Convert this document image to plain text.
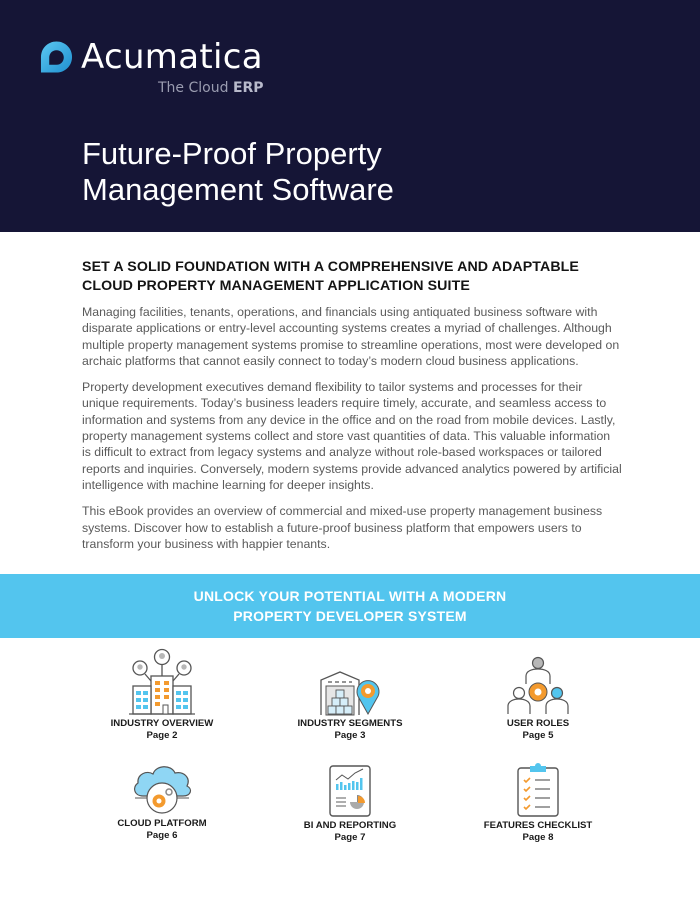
Acumatica
The Cloud ERP
Future-Proof Property
Management Software
SET A SOLID FOUNDATION WITH A COMPREHENSIVE AND ADAPTABLE
CLOUD PROPERTY MANAGEMENT APPLICATION SUITE

Managing facilities, tenants, operations, and financials using antiquated business software with disparate applications or entry-level accounting systems creates a myriad of challenges. Although multiple property management systems promise to streamline operations, most were developed on archaic platforms that cannot easily connect to today’s modern cloud business applications.

Property development executives demand flexibility to tailor systems and processes for their unique requirements. Today’s business leaders require timely, accurate, and seamless access to information and systems from any device in the office and on the road from mobile devices. Lastly, property management systems collect and store vast quantities of data. This valuable information is difficult to extract from legacy systems and analyze without role-based workspaces or tailored reports and inquiries. Conversely, modern systems provide advanced analytics powered by artificial intelligence with machine learning for deeper insights.

This eBook provides an overview of commercial and mixed-use property management business systems. Discover how to establish a future-proof business platform that empowers users to transform your business with happier tenants.

UNLOCK YOUR POTENTIAL WITH A MODERN
PROPERTY DEVELOPER SYSTEM
INDUSTRY OVERVIEW
Page 2
INDUSTRY SEGMENTS
Page 3
USER ROLES
Page 5
CLOUD PLATFORM
Page 6
BI AND REPORTING
Page 7
FEATURES CHECKLIST
Page 8
